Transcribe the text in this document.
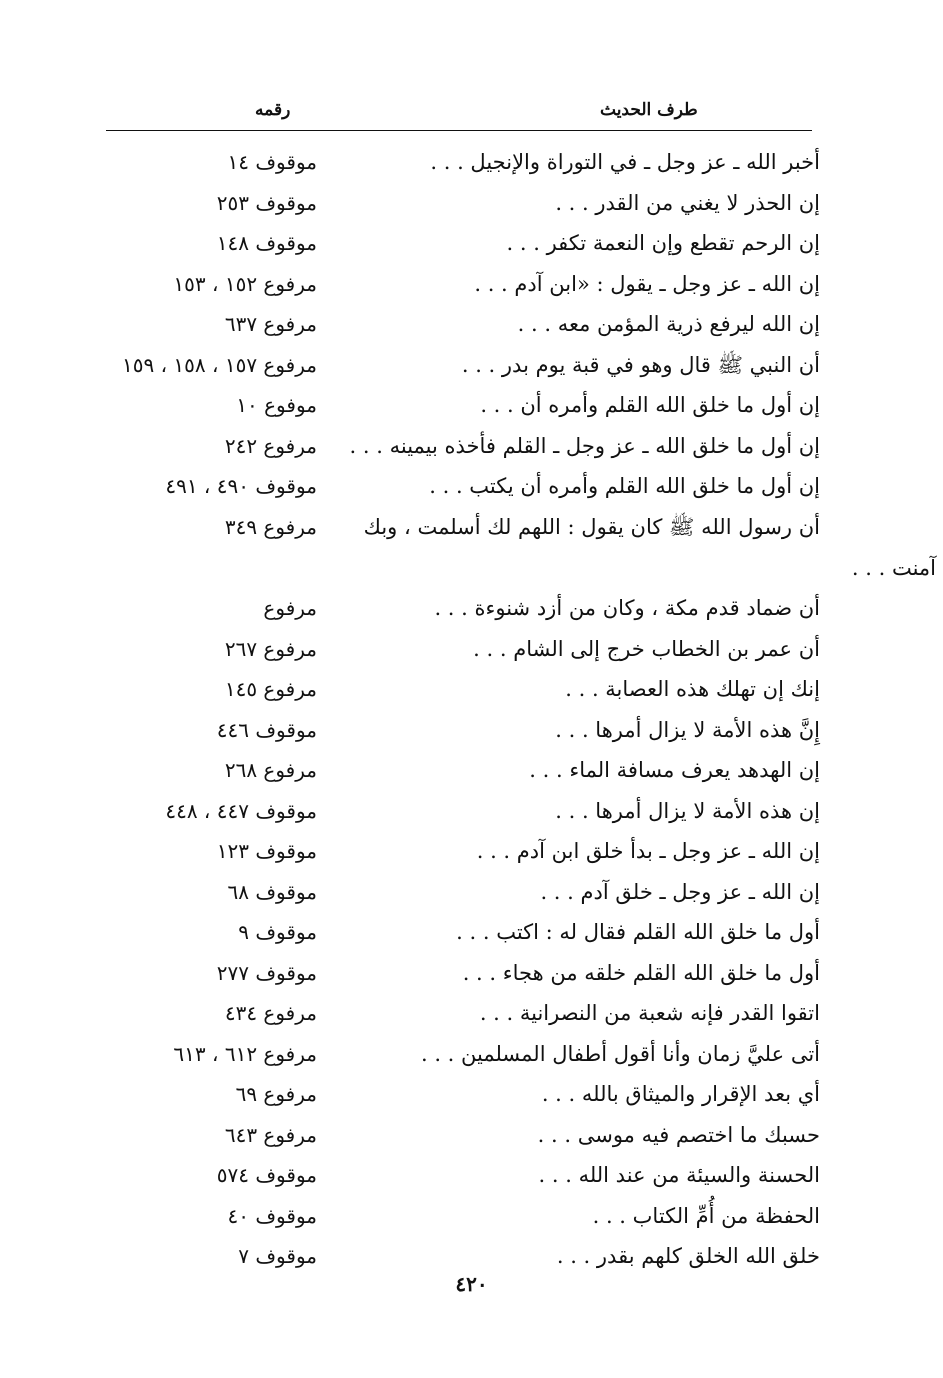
رقمه	طرف الحديث
أخبر الله ـ عز وجل ـ في التوراة والإنجيل . . .
موقوف ١٤
إن الحذر لا يغني من القدر . . .
موقوف ٢٥٣
إن الرحم تقطع وإن النعمة تكفر . . .
موقوف ١٤٨
إن الله ـ عز وجل ـ يقول : «ابن آدم . . .
مرفوع ١٥٢ ، ١٥٣
إن الله ليرفع ذرية المؤمن معه . . .
مرفوع ٦٣٧
أن النبي ﷺ قال وهو في قبة يوم بدر . . .
مرفوع ١٥٧ ، ١٥٨ ، ١٥٩
إن أول ما خلق الله القلم وأمره أن . . .
موفوع ١٠
إن أول ما خلق الله ـ عز وجل ـ القلم فأخذه بيمينه . . .
مرفوع ٢٤٢
إن أول ما خلق الله القلم وأمره أن يكتب . . .
موقوف ٤٩٠ ، ٤٩١
أن رسول الله ﷺ كان يقول : اللهم لك أسلمت ، وبك
مرفوع ٣٤٩
آمنت . . .
أن ضماد قدم مكة ، وكان من أزد شنوءة . . .
مرفوع
أن عمر بن الخطاب خرج إلى الشام . . .
مرفوع ٢٦٧
إنك إن تهلك هذه العصابة . . .
مرفوع ١٤٥
إِنَّ هذه الأمة لا يزال أمرها . . .
موقوف ٤٤٦
إن الهدهد يعرف مسافة الماء . . .
مرفوع ٢٦٨
إن هذه الأمة لا يزال أمرها . . .
موقوف ٤٤٧ ، ٤٤٨
إن الله ـ عز وجل ـ بدأ خلق ابن آدم . . .
موقوف ١٢٣
إن الله ـ عز وجل ـ خلق آدم . . .
موقوف ٦٨
أول ما خلق الله القلم فقال له : اكتب . . .
موقوف ٩
أول ما خلق الله القلم خلقه من هجاء . . .
موقوف ٢٧٧
اتقوا القدر فإنه شعبة من النصرانية . . .
مرفوع ٤٣٤
أتى عليَّ زمان وأنا أقول أطفال المسلمين . . .
مرفوع ٦١٢ ، ٦١٣
أي بعد الإقرار والميثاق بالله . . .
مرفوع ٦٩
حسبك ما اختصم فيه موسى . . .
مرفوع ٦٤٣
الحسنة والسيئة من عند الله . . .
موقوف ٥٧٤
الحفظة من أُمِّ الكتاب . . .
موقوف ٤٠
خلق الله الخلق كلهم بقدر . . .
موقوف ٧
٤٢٠
